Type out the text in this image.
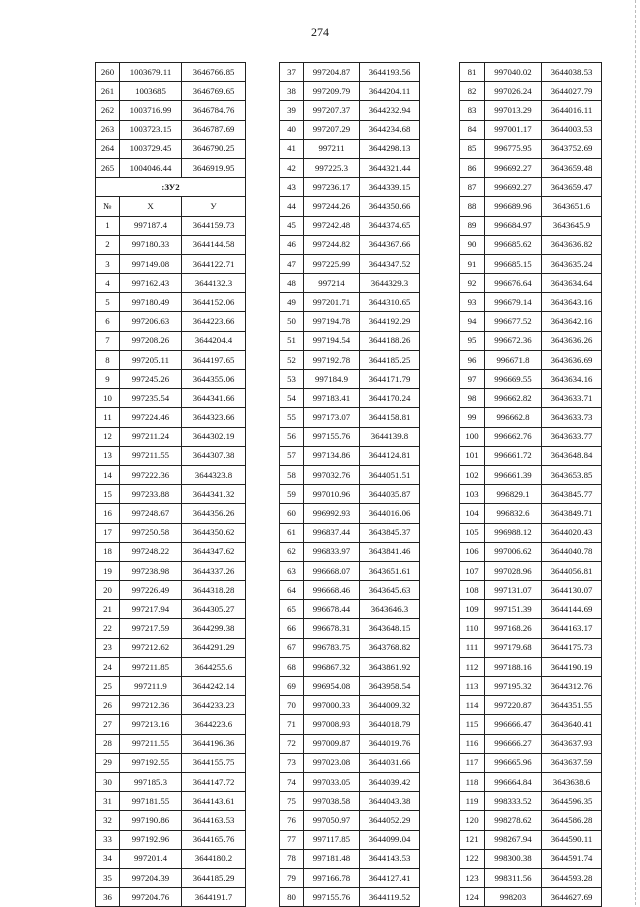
274
260	1003679.11	3646766.85
261	1003685	3646769.65
262	1003716.99	3646784.76
263	1003723.15	3646787.69
264	1003729.45	3646790.25
265	1004046.44	3646919.95
:ЗУ2		
№	X	У
1	997187.4	3644159.73
2	997180.33	3644144.58
3	997149.08	3644122.71
4	997162.43	3644132.3
5	997180.49	3644152.06
6	997206.63	3644223.66
7	997208.26	3644204.4
8	997205.11	3644197.65
9	997245.26	3644355.06
10	997235.54	3644341.66
11	997224.46	3644323.66
12	997211.24	3644302.19
13	997211.55	3644307.38
14	997222.36	3644323.8
15	997233.88	3644341.32
16	997248.67	3644356.26
17	997250.58	3644350.62
18	997248.22	3644347.62
19	997238.98	3644337.26
20	997226.49	3644318.28
21	997217.94	3644305.27
22	997217.59	3644299.38
23	997212.62	3644291.29
24	997211.85	3644255.6
25	997211.9	3644242.14
26	997212.36	3644233.23
27	997213.16	3644223.6
28	997211.55	3644196.36
29	997192.55	3644155.75
30	997185.3	3644147.72
31	997181.55	3644143.61
32	997190.86	3644163.53
33	997192.96	3644165.76
34	997201.4	3644180.2
35	997204.39	3644185.29
36	997204.76	3644191.7
37	997204.87	3644193.56
38	997209.79	3644204.11
39	997207.37	3644232.94
40	997207.29	3644234.68
41	997211	3644298.13
42	997225.3	3644321.44
43	997236.17	3644339.15
44	997244.26	3644350.66
45	997242.48	3644374.65
46	997244.82	3644367.66
47	997225.99	3644347.52
48	997214	3644329.3
49	997201.71	3644310.65
50	997194.78	3644192.29
51	997194.54	3644188.26
52	997192.78	3644185.25
53	997184.9	3644171.79
54	997183.41	3644170.24
55	997173.07	3644158.81
56	997155.76	3644139.8
57	997134.86	3644124.81
58	997032.76	3644051.51
59	997010.96	3644035.87
60	996992.93	3644016.06
61	996837.44	3643845.37
62	996833.97	3643841.46
63	996668.07	3643651.61
64	996668.46	3643645.63
65	996678.44	3643646.3
66	996678.31	3643648.15
67	996783.75	3643768.82
68	996867.32	3643861.92
69	996954.08	3643958.54
70	997000.33	3644009.32
71	997008.93	3644018.79
72	997009.87	3644019.76
73	997023.08	3644031.66
74	997033.05	3644039.42
75	997038.58	3644043.38
76	997050.97	3644052.29
77	997117.85	3644099.04
78	997181.48	3644143.53
79	997166.78	3644127.41
80	997155.76	3644119.52
81	997040.02	3644038.53
82	997026.24	3644027.79
83	997013.29	3644016.11
84	997001.17	3644003.53
85	996775.95	3643752.69
86	996692.27	3643659.48
87	996692.27	3643659.47
88	996689.96	3643651.6
89	996684.97	3643645.9
90	996685.62	3643636.82
91	996685.15	3643635.24
92	996676.64	3643634.64
93	996679.14	3643643.16
94	996677.52	3643642.16
95	996672.36	3643636.26
96	996671.8	3643636.69
97	996669.55	3643634.16
98	996662.82	3643633.71
99	996662.8	3643633.73
100	996662.76	3643633.77
101	996661.72	3643648.84
102	996661.39	3643653.85
103	996829.1	3643845.77
104	996832.6	3643849.71
105	996988.12	3644020.43
106	997006.62	3644040.78
107	997028.96	3644056.81
108	997131.07	3644130.07
109	997151.39	3644144.69
110	997168.26	3644163.17
111	997179.68	3644175.73
112	997188.16	3644190.19
113	997195.32	3644312.76
114	997220.87	3644351.55
115	996666.47	3643640.41
116	996666.27	3643637.93
117	996665.96	3643637.59
118	996664.84	3643638.6
119	998333.52	3644596.35
120	998278.62	3644586.28
121	998267.94	3644590.11
122	998300.38	3644591.74
123	998311.56	3644593.28
124	998203	3644627.69
